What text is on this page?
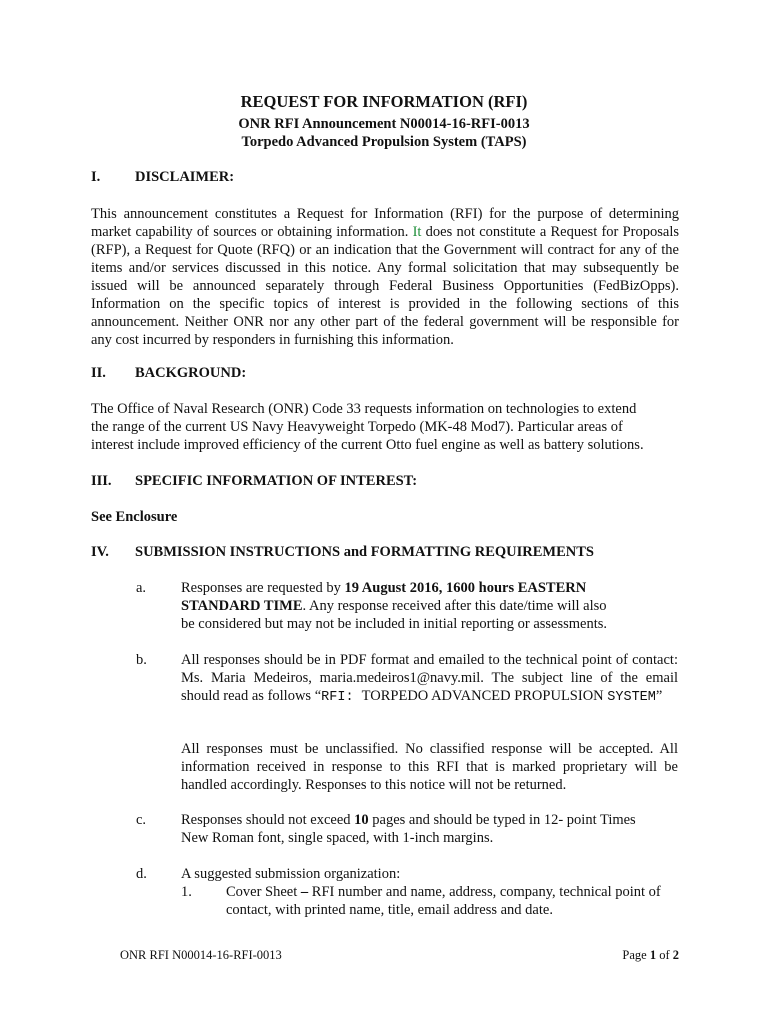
REQUEST FOR INFORMATION (RFI)
ONR RFI Announcement N00014-16-RFI-0013
Torpedo Advanced Propulsion System (TAPS)
I. DISCLAIMER:
This announcement constitutes a Request for Information (RFI) for the purpose of determining market capability of sources or obtaining information. It does not constitute a Request for Proposals (RFP), a Request for Quote (RFQ) or an indication that the Government will contract for any of the items and/or services discussed in this notice. Any formal solicitation that may subsequently be issued will be announced separately through Federal Business Opportunities (FedBizOpps). Information on the specific topics of interest is provided in the following sections of this announcement. Neither ONR nor any other part of the federal government will be responsible for any cost incurred by responders in furnishing this information.
II. BACKGROUND:
The Office of Naval Research (ONR) Code 33 requests information on technologies to extend
the range of the current US Navy Heavyweight Torpedo (MK-48 Mod7). Particular areas of
interest include improved efficiency of the current Otto fuel engine as well as battery solutions.
III. SPECIFIC INFORMATION OF INTEREST:
See Enclosure
IV. SUBMISSION INSTRUCTIONS and FORMATTING REQUIREMENTS
a. Responses are requested by 19 August 2016, 1600 hours EASTERN STANDARD TIME. Any response received after this date/time will also be considered but may not be included in initial reporting or assessments.
b. All responses should be in PDF format and emailed to the technical point of contact: Ms. Maria Medeiros, maria.medeiros1@navy.mil. The subject line of the email should read as follows “RFI: TORPEDO ADVANCED PROPULSION SYSTEM”
All responses must be unclassified. No classified response will be accepted. All information received in response to this RFI that is marked proprietary will be handled accordingly. Responses to this notice will not be returned.
c. Responses should not exceed 10 pages and should be typed in 12- point Times New Roman font, single spaced, with 1-inch margins.
d. A suggested submission organization:
1. Cover Sheet – RFI number and name, address, company, technical point of contact, with printed name, title, email address and date.
ONR RFI N00014-16-RFI-0013	Page 1 of 2
